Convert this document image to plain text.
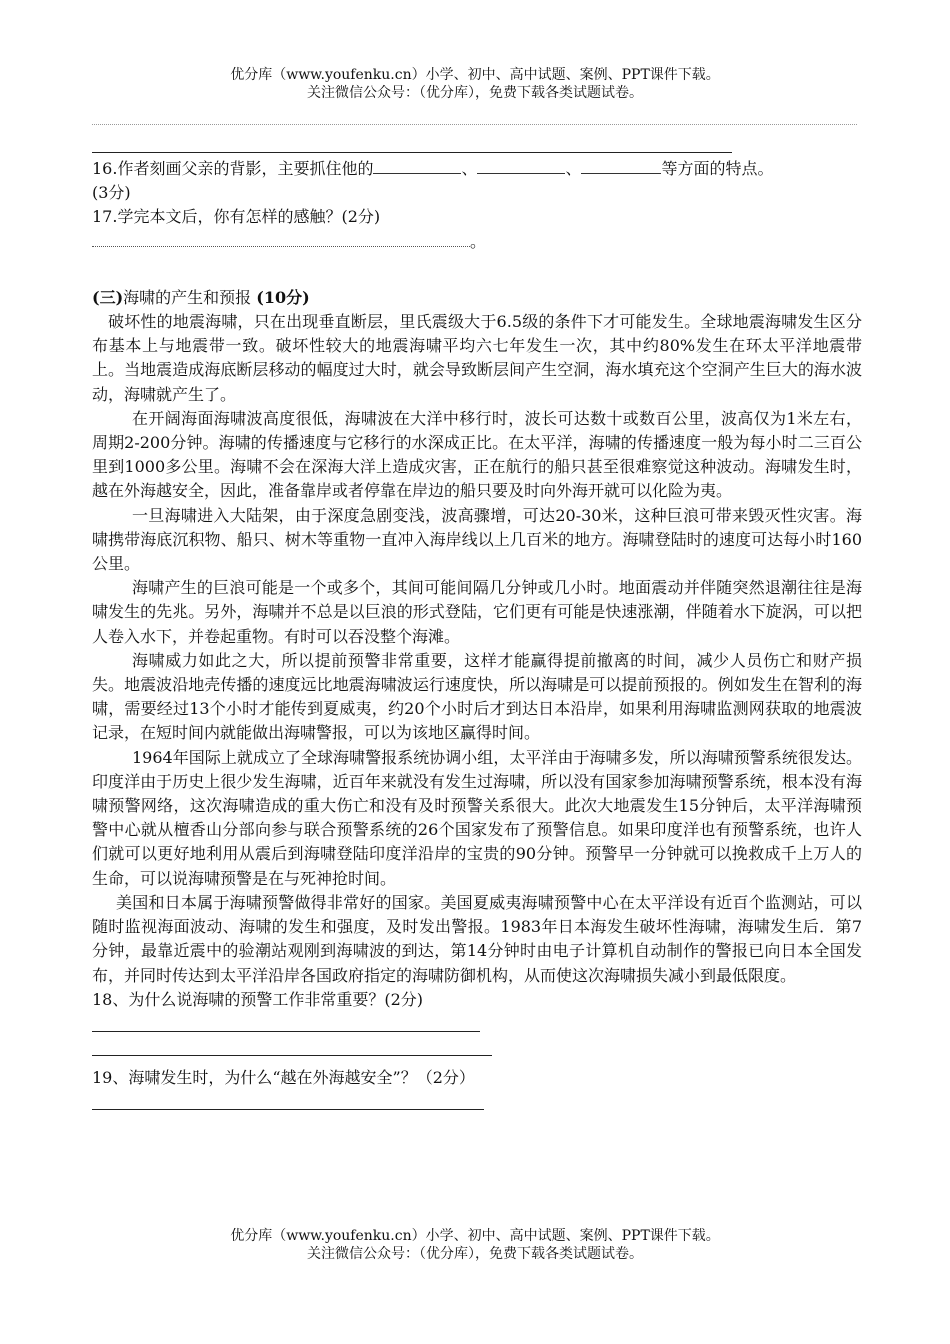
优分库（www.youfenku.cn）小学、初中、高中试题、案例、PPT课件下载。
关注微信公众号：（优分库），免费下载各类试题试卷。

16.作者刻画父亲的背影，主要抓住他的	、	、	等方面的特点。

(3分)

17.学完本文后，你有怎样的感触？(2分)

。

(三)海啸的产生和预报 (10分)

破坏性的地震海啸，只在出现垂直断层，里氏震级大于6.5级的条件下才可能发生。全球地震海啸发生区分布基本上与地震带一致。破坏性较大的地震海啸平均六七年发生一次，其中约80%发生在环太平洋地震带上。当地震造成海底断层移动的幅度过大时，就会导致断层间产生空洞，海水填充这个空洞产生巨大的海水波动，海啸就产生了。

在开阔海面海啸波高度很低，海啸波在大洋中移行时，波长可达数十或数百公里，波高仅为1米左右，周期2-200分钟。海啸的传播速度与它移行的水深成正比。在太平洋，海啸的传播速度一般为每小时二三百公里到1000多公里。海啸不会在深海大洋上造成灾害，正在航行的船只甚至很难察觉这种波动。海啸发生时，越在外海越安全，因此，准备靠岸或者停靠在岸边的船只要及时向外海开就可以化险为夷。

一旦海啸进入大陆架，由于深度急剧变浅，波高骤增，可达20-30米，这种巨浪可带来毁灭性灾害。海啸携带海底沉积物、船只、树木等重物一直冲入海岸线以上几百米的地方。海啸登陆时的速度可达每小时160公里。

海啸产生的巨浪可能是一个或多个，其间可能间隔几分钟或几小时。地面震动并伴随突然退潮往往是海啸发生的先兆。另外，海啸并不总是以巨浪的形式登陆，它们更有可能是快速涨潮，伴随着水下旋涡，可以把人卷入水下，并卷起重物。有时可以吞没整个海滩。

海啸威力如此之大，所以提前预警非常重要，这样才能赢得提前撤离的时间，减少人员伤亡和财产损失。地震波沿地壳传播的速度远比地震海啸波运行速度快，所以海啸是可以提前预报的。例如发生在智利的海啸，需要经过13个小时才能传到夏威夷，约20个小时后才到达日本沿岸，如果利用海啸监测网获取的地震波记录，在短时间内就能做出海啸警报，可以为该地区赢得时间。

1964年国际上就成立了全球海啸警报系统协调小组，太平洋由于海啸多发，所以海啸预警系统很发达。印度洋由于历史上很少发生海啸，近百年来就没有发生过海啸，所以没有国家参加海啸预警系统，根本没有海啸预警网络，这次海啸造成的重大伤亡和没有及时预警关系很大。此次大地震发生15分钟后，太平洋海啸预警中心就从檀香山分部向参与联合预警系统的26个国家发布了预警信息。如果印度洋也有预警系统，也许人们就可以更好地利用从震后到海啸登陆印度洋沿岸的宝贵的90分钟。预警早一分钟就可以挽救成千上万人的生命，可以说海啸预警是在与死神抢时间。

美国和日本属于海啸预警做得非常好的国家。美国夏威夷海啸预警中心在太平洋设有近百个监测站，可以随时监视海面波动、海啸的发生和强度，及时发出警报。1983年日本海发生破坏性海啸，海啸发生后．第7分钟，最靠近震中的验潮站观刚到海啸波的到达，第14分钟时由电子计算机自动制作的警报已向日本全国发布，并同时传达到太平洋沿岸各国政府指定的海啸防御机构，从而使这次海啸损失减小到最低限度。

18、为什么说海啸的预警工作非常重要？(2分)

19、海啸发生时，为什么“越在外海越安全”？（2分）

优分库（www.youfenku.cn）小学、初中、高中试题、案例、PPT课件下载。
关注微信公众号：（优分库），免费下载各类试题试卷。
